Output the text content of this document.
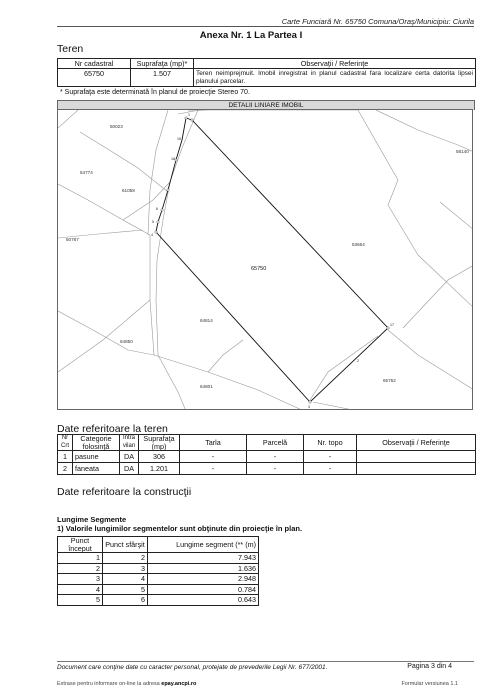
Carte Funciară Nr. 65750 Comuna/Oraş/Municipiu: Ciurila
Anexa Nr. 1 La Partea I
Teren
Nr cadastral	Suprafaţa (mp)*	Observaţii / Referinţe
65750	1.507	Teren neimprejmuit. Imobil inregistrat in planul cadastral fara localizare certa datorita lipsei planului parcelar.
* Suprafaţa este determinată în planul de proiecţie Stereo 70.
DETALII LINIARE IMOBIL
1
17
2
3
4
5
6
16
15
65750
50023
58140
54774
61058
50787
53664
64814
64850
65752
64801
Date referitoare la teren
Nr Crt	Categorie folosinţă	Intra vilan	Suprafaţa (mp)	Tarla	Parcelă	Nr. topo	Observaţii / Referinţe
1	pasune	DA	306	-	-	-	
2	faneata	DA	1.201	-	-	-	
Date referitoare la construcţii
Lungime Segmente
1) Valorile lungimilor segmentelor sunt obţinute din proiecţie în plan.
Punct început	Punct sfârşit	Lungime segment (** (m)
1	2	7.943
2	3	1.636
3	4	2.948
4	5	0.784
5	6	0.643
Document care conţine date cu caracter personal, protejate de prevederile Legii Nr. 677/2001.	Pagina 3 din 4
Extrase pentru informare on-line la adresa epay.ancpi.ro	Formular versiunea 1.1
